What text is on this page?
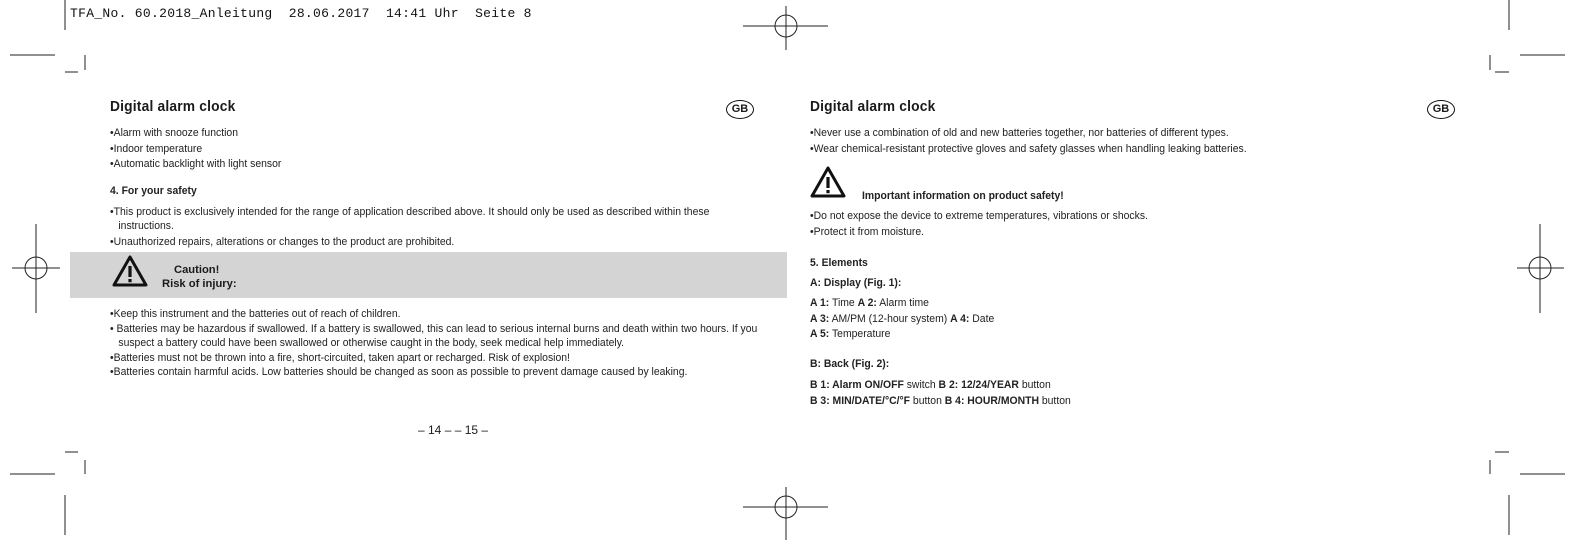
TFA_No. 60.2018_Anleitung  28.06.2017  14:41 Uhr  Seite 8
Digital alarm clock	GB
• Alarm with snooze function
• Indoor temperature
• Automatic backlight with light sensor
4. For your safety
• This product is exclusively intended for the range of application described above. It should only be used as described within these instructions.
• Unauthorized repairs, alterations or changes to the product are prohibited.
Caution!
Risk of injury:
• Keep this instrument and the batteries out of reach of children.
• Batteries may be hazardous if swallowed. If a battery is swallowed, this can lead to serious internal burns and death within two hours. If you suspect a battery could have been swallowed or otherwise caught in the body, seek medical help immediately.
• Batteries must not be thrown into a fire, short-circuited, taken apart or recharged. Risk of explosion!
• Batteries contain harmful acids. Low batteries should be changed as soon as possible to prevent damage caused by leaking.
– 14 – – 15 –
Digital alarm clock	GB
• Never use a combination of old and new batteries together, nor batteries of different types.
• Wear chemical-resistant protective gloves and safety glasses when handling leaking batteries.
Important information on product safety!
• Do not expose the device to extreme temperatures, vibrations or shocks.
• Protect it from moisture.
5. Elements
A: Display (Fig. 1):
A 1: Time A 2: Alarm time
A 3: AM/PM (12-hour system) A 4: Date
A 5: Temperature
B: Back (Fig. 2):
B 1: Alarm ON/OFF switch B 2: 12/24/YEAR button
B 3: MIN/DATE/°C/°F button B 4: HOUR/MONTH button
